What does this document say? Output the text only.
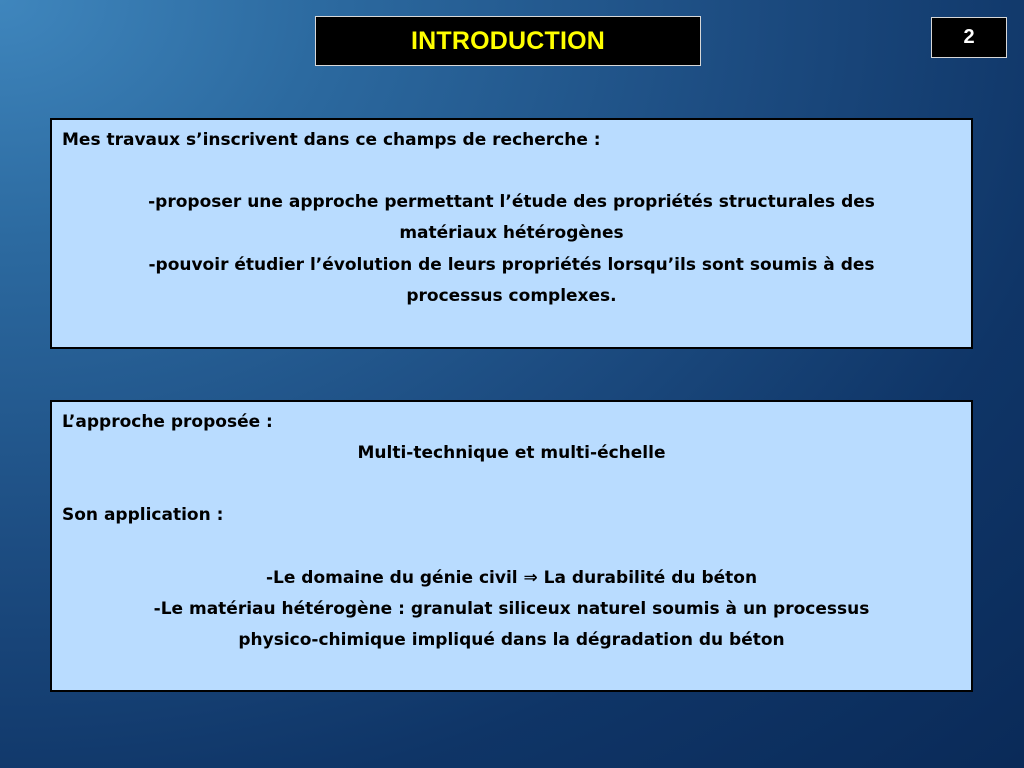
INTRODUCTION	2
Mes travaux s’inscrivent dans ce champs de recherche :
-proposer une approche permettant l’étude des propriétés structurales des
matériaux hétérogènes
-pouvoir étudier l’évolution de leurs propriétés lorsqu’ils sont soumis à des
processus complexes.
L’approche proposée :
Multi-technique et multi-échelle
Son application :
-Le domaine du génie civil ⇒ La durabilité du béton
-Le matériau hétérogène : granulat siliceux naturel soumis à un processus
physico-chimique impliqué dans la dégradation du béton
